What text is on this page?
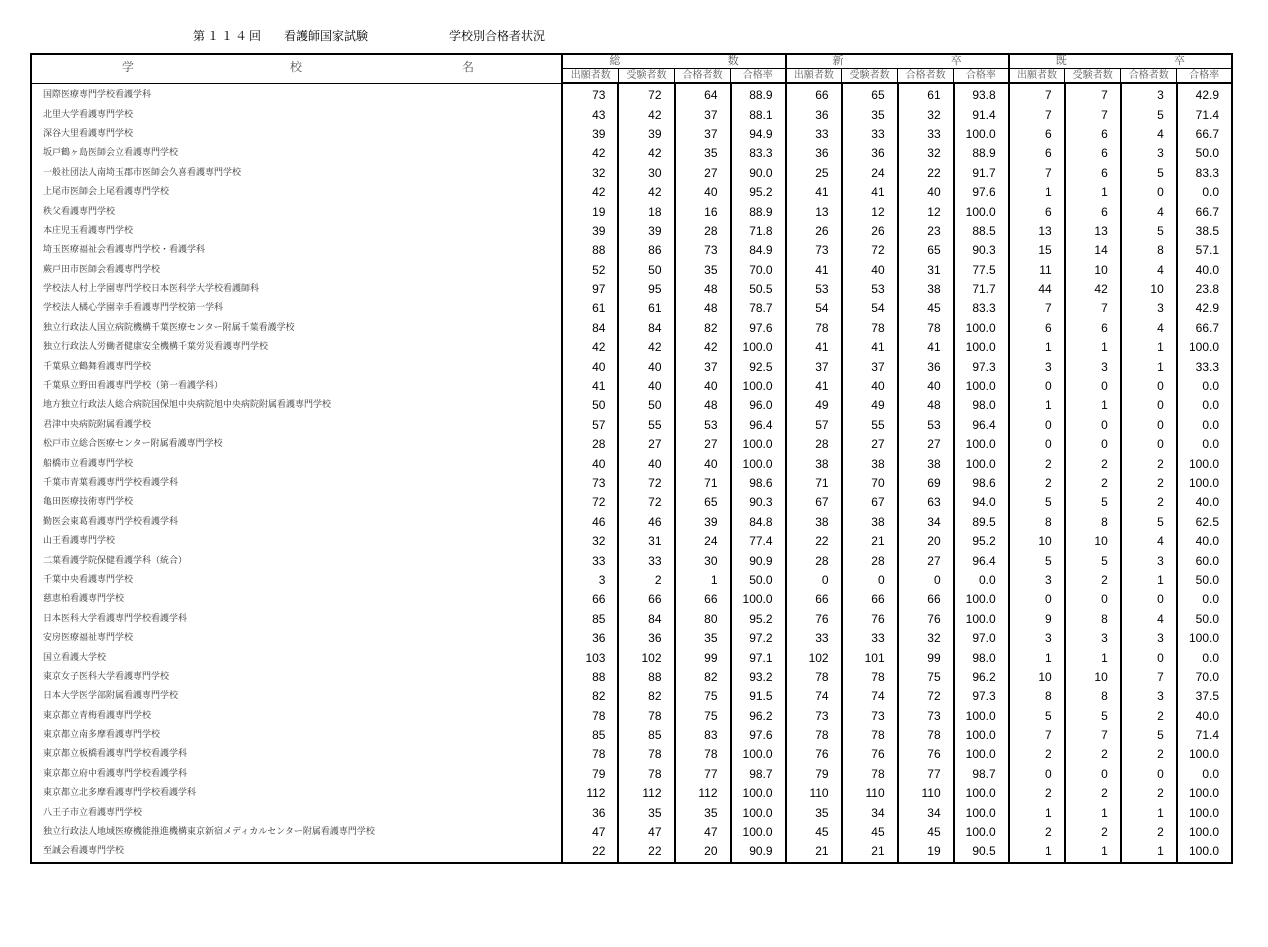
第１１４回 看護師国家試験	学校別合格者状況
学 校 名	総 数				新 卒				既 卒			

	出願者数	受験者数	合格者数	合格率	出願者数	受験者数	合格者数	合格率	出願者数	受験者数	合格者数	合格率
国際医療専門学校看護学科	73	72	64	88.9	66	65	61	93.8	7	7	3	42.9
北里大学看護専門学校	43	42	37	88.1	36	35	32	91.4	7	7	5	71.4
深谷大里看護専門学校	39	39	37	94.9	33	33	33	100.0	6	6	4	66.7
坂戸鶴ヶ島医師会立看護専門学校	42	42	35	83.3	36	36	32	88.9	6	6	3	50.0
一般社団法人南埼玉郡市医師会久喜看護専門学校	32	30	27	90.0	25	24	22	91.7	7	6	5	83.3
上尾市医師会上尾看護専門学校	42	42	40	95.2	41	41	40	97.6	1	1	0	0.0
秩父看護専門学校	19	18	16	88.9	13	12	12	100.0	6	6	4	66.7
本庄児玉看護専門学校	39	39	28	71.8	26	26	23	88.5	13	13	5	38.5
埼玉医療福祉会看護専門学校・看護学科	88	86	73	84.9	73	72	65	90.3	15	14	8	57.1
蕨戸田市医師会看護専門学校	52	50	35	70.0	41	40	31	77.5	11	10	4	40.0
学校法人村上学園専門学校日本医科学大学校看護師科	97	95	48	50.5	53	53	38	71.7	44	42	10	23.8
学校法人橘心学園幸手看護専門学校第一学科	61	61	48	78.7	54	54	45	83.3	7	7	3	42.9
独立行政法人国立病院機構千葉医療センター附属千葉看護学校	84	84	82	97.6	78	78	78	100.0	6	6	4	66.7
独立行政法人労働者健康安全機構千葉労災看護専門学校	42	42	42	100.0	41	41	41	100.0	1	1	1	100.0
千葉県立鶴舞看護専門学校	40	40	37	92.5	37	37	36	97.3	3	3	1	33.3
千葉県立野田看護専門学校（第一看護学科）	41	40	40	100.0	41	40	40	100.0	0	0	0	0.0
地方独立行政法人総合病院国保旭中央病院旭中央病院附属看護専門学校	50	50	48	96.0	49	49	48	98.0	1	1	0	0.0
君津中央病院附属看護学校	57	55	53	96.4	57	55	53	96.4	0	0	0	0.0
松戸市立総合医療センター附属看護専門学校	28	27	27	100.0	28	27	27	100.0	0	0	0	0.0
船橋市立看護専門学校	40	40	40	100.0	38	38	38	100.0	2	2	2	100.0
千葉市青葉看護専門学校看護学科	73	72	71	98.6	71	70	69	98.6	2	2	2	100.0
亀田医療技術専門学校	72	72	65	90.3	67	67	63	94.0	5	5	2	40.0
勤医会東葛看護専門学校看護学科	46	46	39	84.8	38	38	34	89.5	8	8	5	62.5
山王看護専門学校	32	31	24	77.4	22	21	20	95.2	10	10	4	40.0
二葉看護学院保健看護学科（統合）	33	33	30	90.9	28	28	27	96.4	5	5	3	60.0
千葉中央看護専門学校	3	2	1	50.0	0	0	0	0.0	3	2	1	50.0
慈恵柏看護専門学校	66	66	66	100.0	66	66	66	100.0	0	0	0	0.0
日本医科大学看護専門学校看護学科	85	84	80	95.2	76	76	76	100.0	9	8	4	50.0
安房医療福祉専門学校	36	36	35	97.2	33	33	32	97.0	3	3	3	100.0
国立看護大学校	103	102	99	97.1	102	101	99	98.0	1	1	0	0.0
東京女子医科大学看護専門学校	88	88	82	93.2	78	78	75	96.2	10	10	7	70.0
日本大学医学部附属看護専門学校	82	82	75	91.5	74	74	72	97.3	8	8	3	37.5
東京都立青梅看護専門学校	78	78	75	96.2	73	73	73	100.0	5	5	2	40.0
東京都立南多摩看護専門学校	85	85	83	97.6	78	78	78	100.0	7	7	5	71.4
東京都立板橋看護専門学校看護学科	78	78	78	100.0	76	76	76	100.0	2	2	2	100.0
東京都立府中看護専門学校看護学科	79	78	77	98.7	79	78	77	98.7	0	0	0	0.0
東京都立北多摩看護専門学校看護学科	112	112	112	100.0	110	110	110	100.0	2	2	2	100.0
八王子市立看護専門学校	36	35	35	100.0	35	34	34	100.0	1	1	1	100.0
独立行政法人地域医療機能推進機構東京新宿メディカルセンター附属看護専門学校	47	47	47	100.0	45	45	45	100.0	2	2	2	100.0
至誠会看護専門学校	22	22	20	90.9	21	21	19	90.5	1	1	1	100.0
